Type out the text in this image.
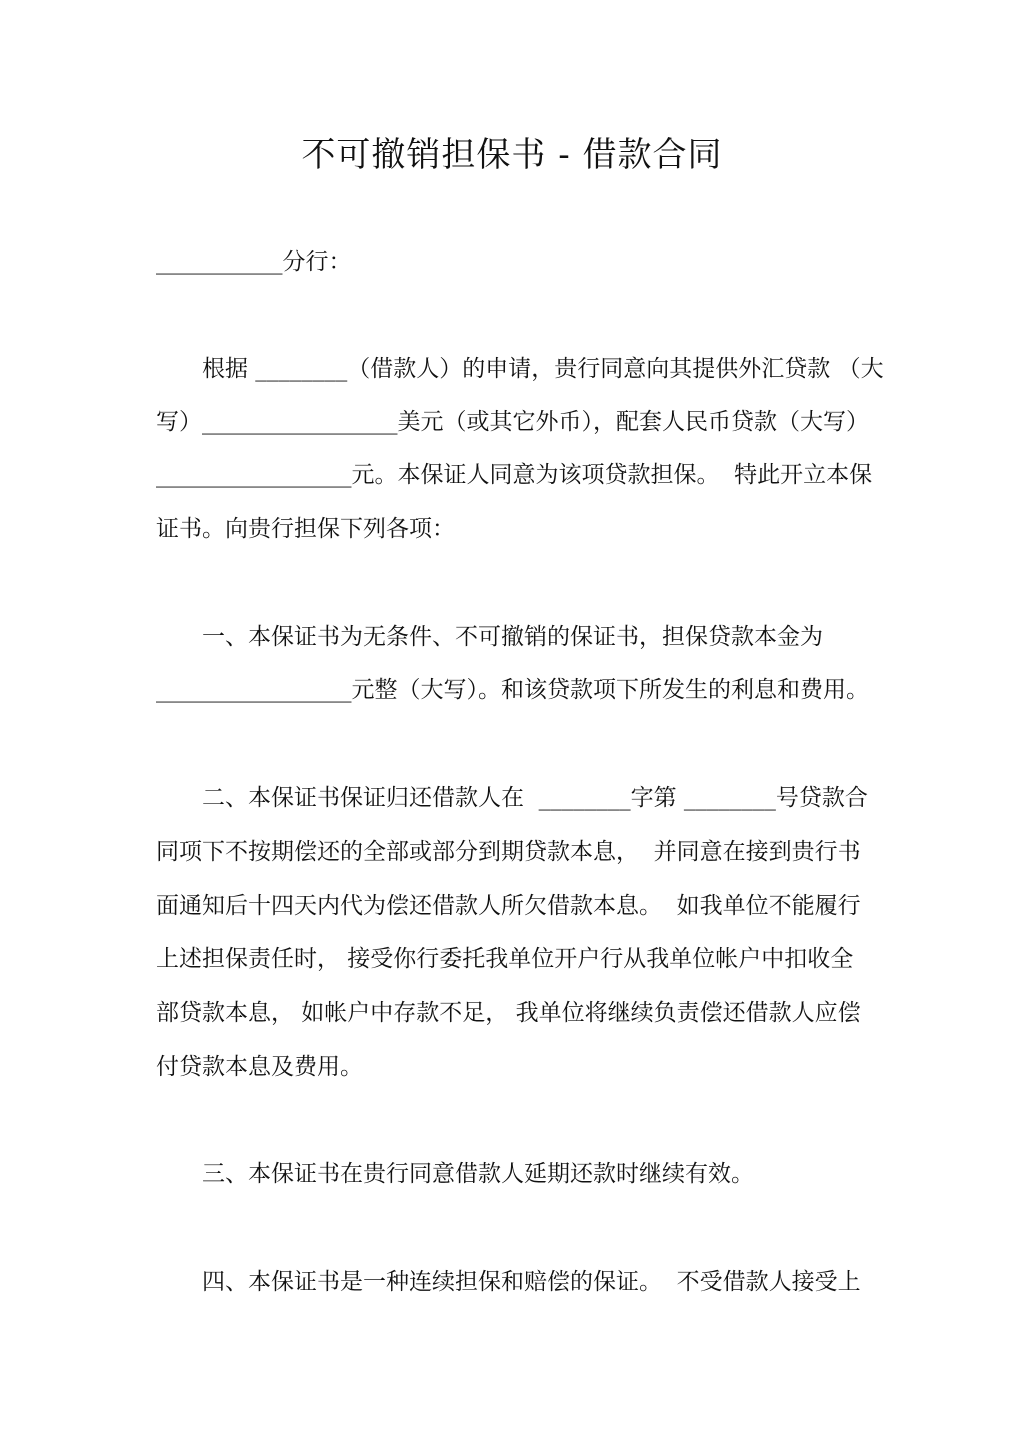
不可撤销担保书 - 借款合同
___________分行：
　　根据 ________（借款人）的申请，贵行同意向其提供外汇贷款 （大
写）_________________美元（或其它外币），配套人民币贷款（大写）
_________________元。本保证人同意为该项贷款担保。  特此开立本保
证书。向贵行担保下列各项：
　　一、本保证书为无条件、不可撤销的保证书，担保贷款本金为
_________________元整（大写）。和该贷款项下所发生的利息和费用。
　　二、本保证书保证归还借款人在  ________字第 ________号贷款合
同项下不按期偿还的全部或部分到期贷款本息，  并同意在接到贵行书
面通知后十四天内代为偿还借款人所欠借款本息。  如我单位不能履行
上述担保责任时， 接受你行委托我单位开户行从我单位帐户中扣收全
部贷款本息， 如帐户中存款不足， 我单位将继续负责偿还借款人应偿
付贷款本息及费用。
　　三、本保证书在贵行同意借款人延期还款时继续有效。
　　四、本保证书是一种连续担保和赔偿的保证。  不受借款人接受上
